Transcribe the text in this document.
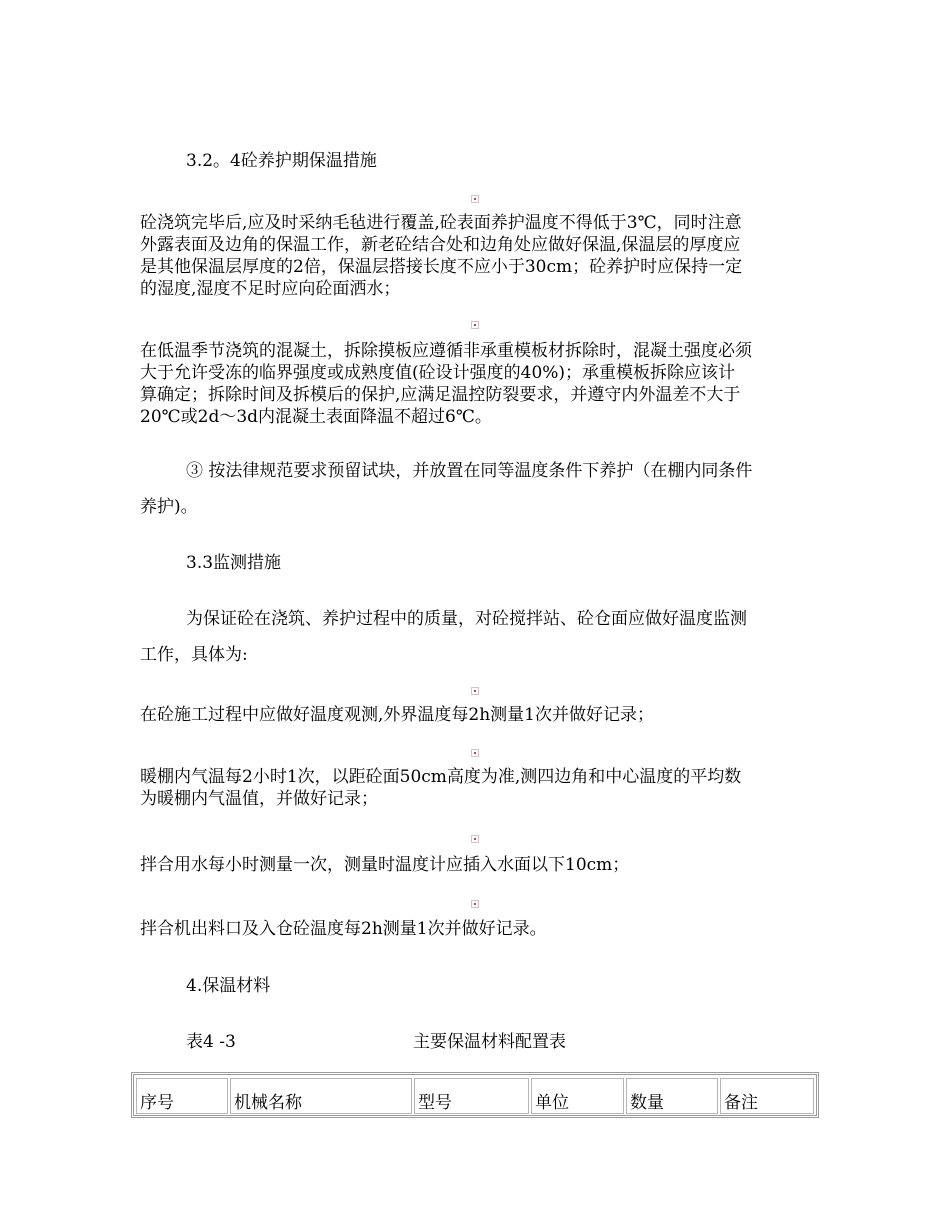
3.2。4砼养护期保温措施
砼浇筑完毕后,应及时采纳毛毡进行覆盖,砼表面养护温度不得低于3℃，同时注意
外露表面及边角的保温工作，新老砼结合处和边角处应做好保温,保温层的厚度应
是其他保温层厚度的2倍，保温层搭接长度不应小于30cm；砼养护时应保持一定
的湿度,湿度不足时应向砼面洒水；
在低温季节浇筑的混凝土，拆除摸板应遵循非承重模板材拆除时，混凝土强度必须
大于允许受冻的临界强度或成熟度值(砼设计强度的40%)；承重模板拆除应该计
算确定；拆除时间及拆模后的保护,应满足温控防裂要求，并遵守内外温差不大于
20℃或2d～3d内混凝土表面降温不超过6℃。
③ 按法律规范要求预留试块，并放置在同等温度条件下养护（在棚内同条件
养护)。
3.3监测措施
为保证砼在浇筑、养护过程中的质量，对砼搅拌站、砼仓面应做好温度监测
工作，具体为:
在砼施工过程中应做好温度观测,外界温度每2h测量1次并做好记录；
暖棚内气温每2小时1次，以距砼面50cm高度为准,测四边角和中心温度的平均数
为暖棚内气温值，并做好记录；
拌合用水每小时测量一次，测量时温度计应插入水面以下10cm；
拌合机出料口及入仓砼温度每2h测量1次并做好记录。
4.保温材料
表4 -3	主要保温材料配置表
序号	机械名称	型号	单位	数量	备注
